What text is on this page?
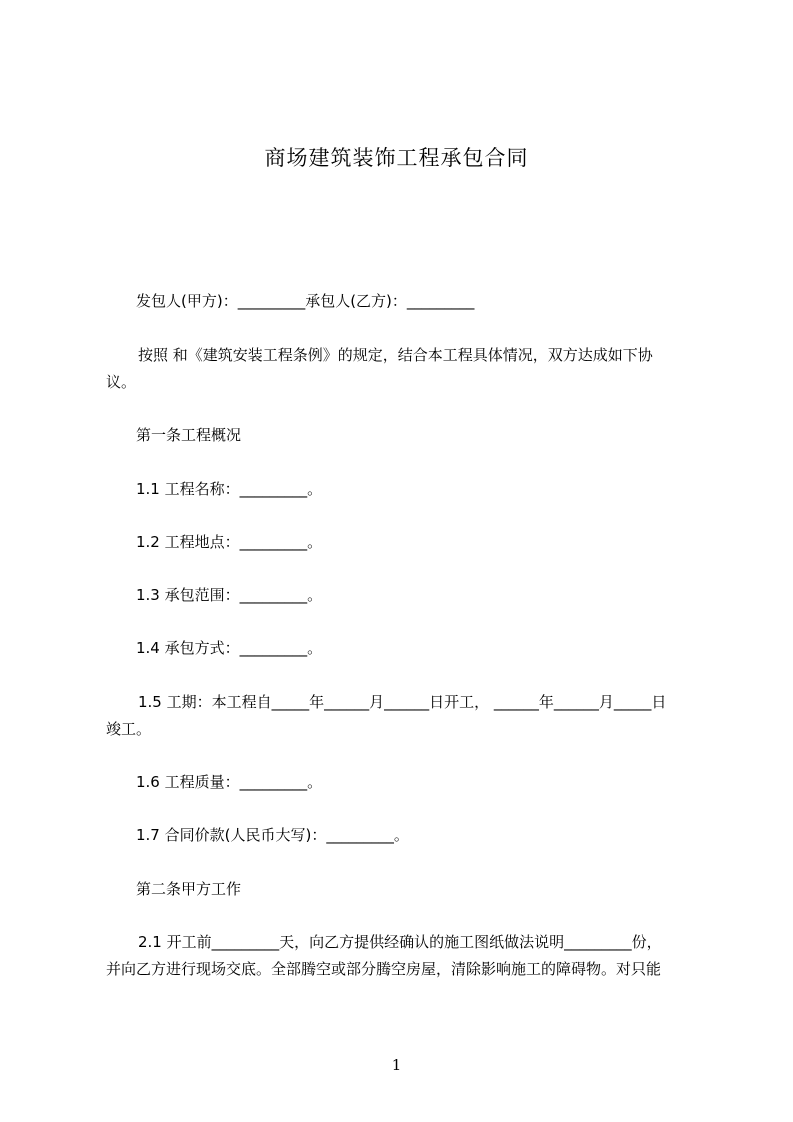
商场建筑装饰工程承包合同
发包人(甲方)：_________承包人(乙方)：_________
按照 和《建筑安装工程条例》的规定，结合本工程具体情况，双方达成如下协
议。
第一条工程概况
1.1 工程名称：_________。
1.2 工程地点：_________。
1.3 承包范围：_________。
1.4 承包方式：_________。
1.5 工期：本工程自_____年______月______日开工， ______年______月_____日
竣工。
1.6 工程质量：_________。
1.7 合同价款(人民币大写)：_________。
第二条甲方工作
2.1 开工前_________天，向乙方提供经确认的施工图纸做法说明_________份，
并向乙方进行现场交底。全部腾空或部分腾空房屋，清除影响施工的障碍物。对只能
1
